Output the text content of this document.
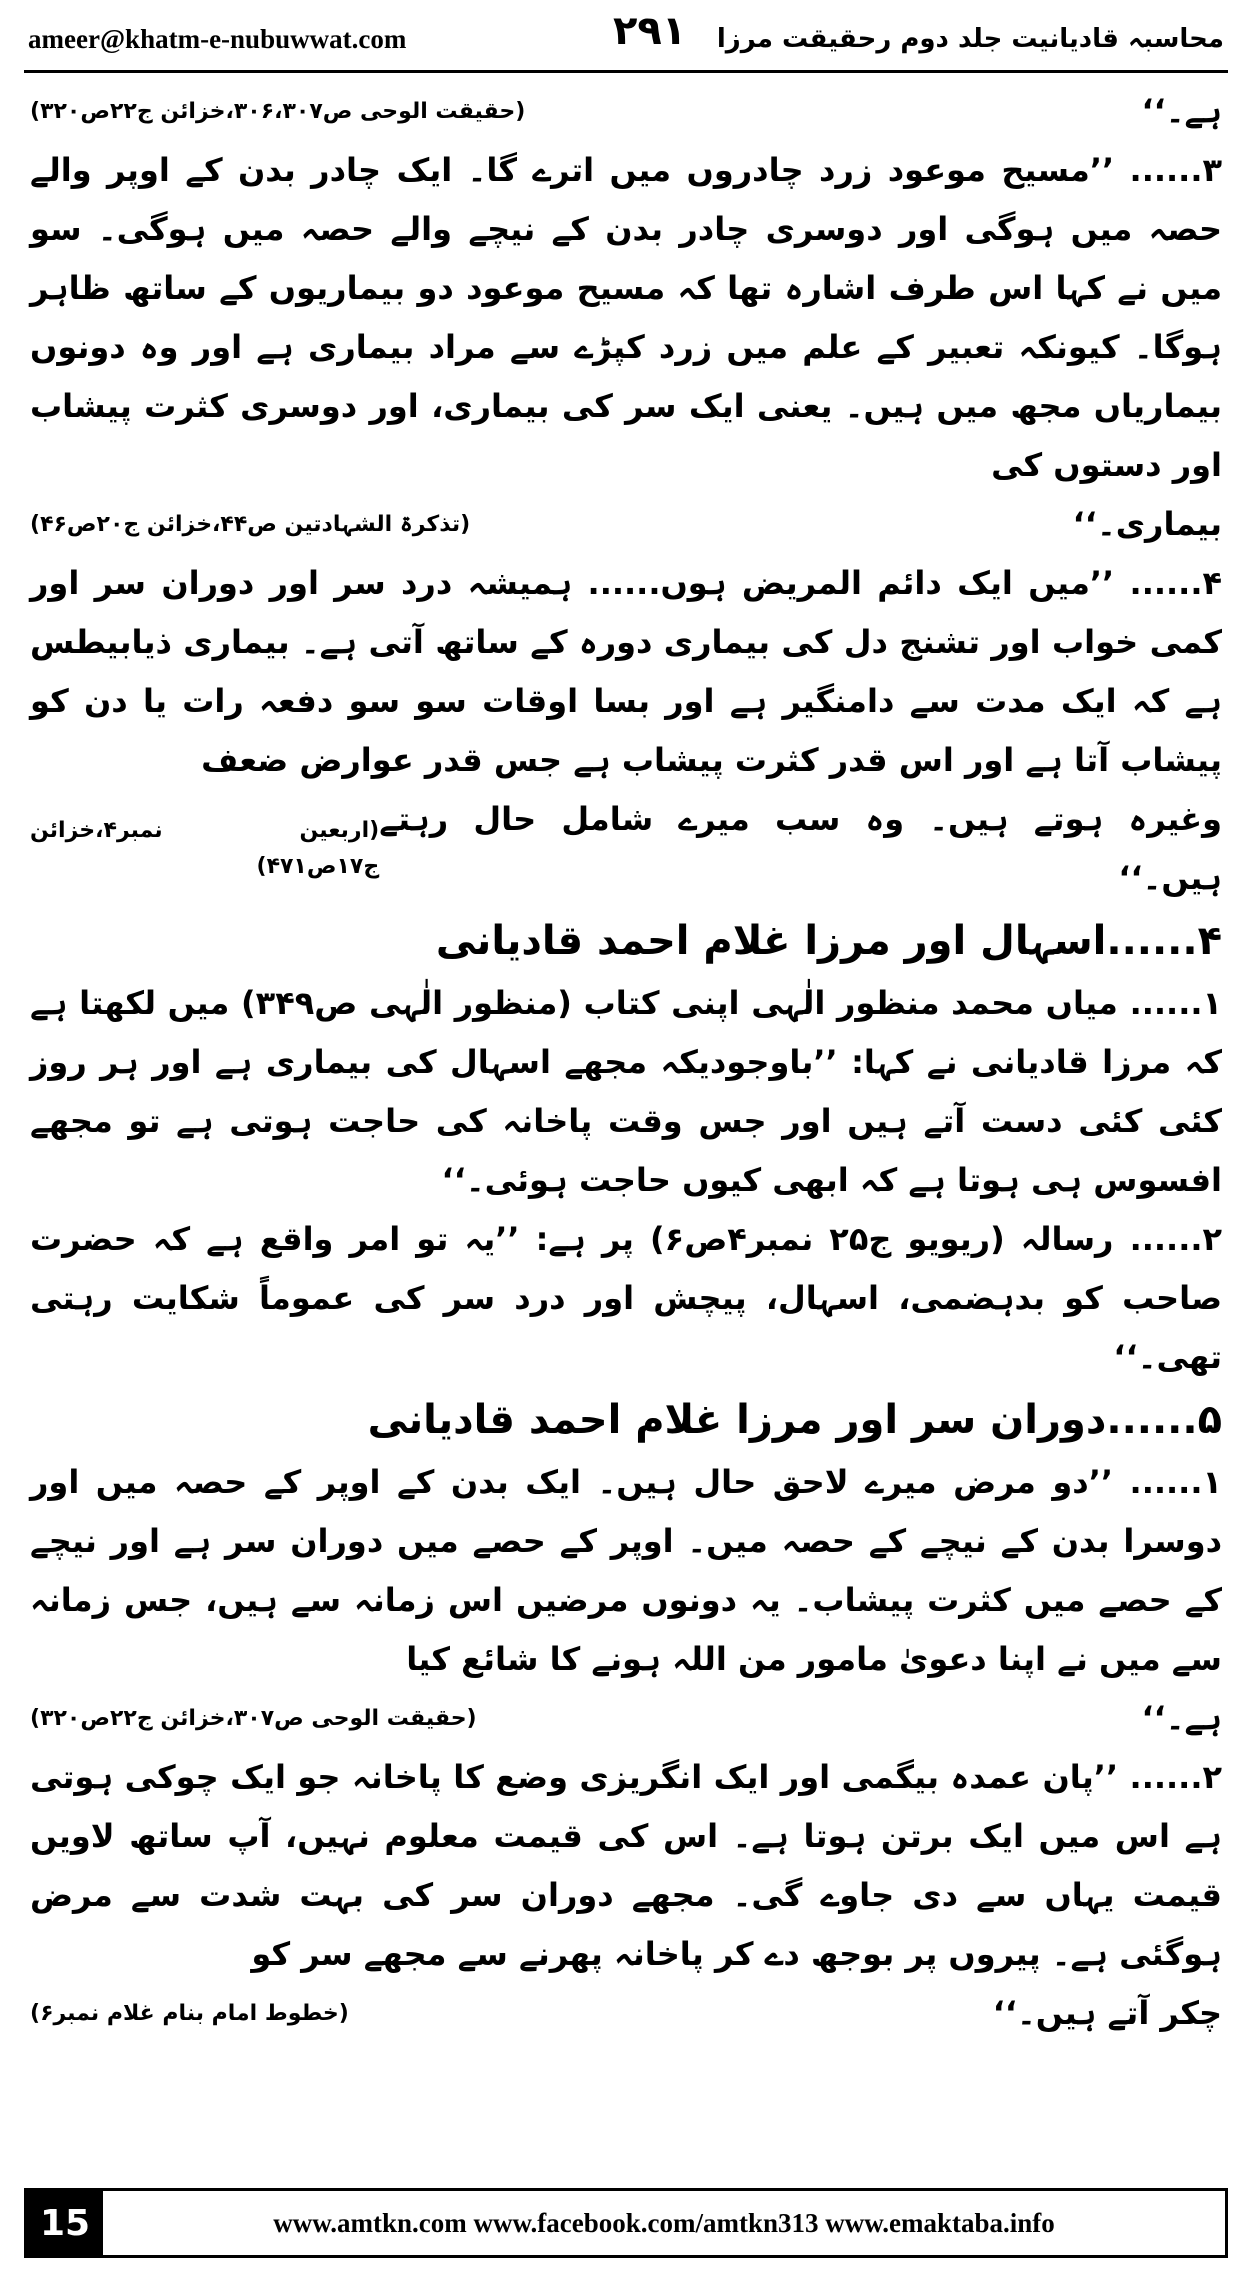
ameer@khatm-e-nubuwwat.com	۲۹۱ محاسبہ قادیانیت جلد دوم رحقیقت مرزا
ہے۔‘‘
(حقیقت الوحی ص۳۰۶،۳۰۷،خزائن ج۲۲ص۳۲۰)

۳...... ’’مسیح موعود زرد چادروں میں اترے گا۔ ایک چادر بدن کے اوپر والے حصہ میں ہوگی اور دوسری چادر بدن کے نیچے والے حصہ میں ہوگی۔ سو میں نے کہا اس طرف اشارہ تھا کہ مسیح موعود دو بیماریوں کے ساتھ ظاہر ہوگا۔ کیونکہ تعبیر کے علم میں زرد کپڑے سے مراد بیماری ہے اور وہ دونوں بیماریاں مجھ میں ہیں۔ یعنی ایک سر کی بیماری، اور دوسری کثرت پیشاب اور دستوں کی

بیماری۔‘‘
(تذکرۃ الشہادتین ص۴۴،خزائن ج۲۰ص۴۶)

۴...... ’’میں ایک دائم المریض ہوں...... ہمیشہ درد سر اور دوران سر اور کمی خواب اور تشنج دل کی بیماری دورہ کے ساتھ آتی ہے۔ بیماری ذیابیطس ہے کہ ایک مدت سے دامنگیر ہے اور بسا اوقات سو سو دفعہ رات یا دن کو پیشاب آتا ہے اور اس قدر کثرت پیشاب ہے جس قدر عوارض ضعف

وغیرہ ہوتے ہیں۔ وہ سب میرے شامل حال رہتے ہیں۔‘‘
(اربعین نمبر۴،خزائن ج۱۷ص۴۷۱)
۴......اسہال اور مرزا غلام احمد قادیانی

۱...... میاں محمد منظور الٰہی اپنی کتاب (منظور الٰہی ص۳۴۹) میں لکھتا ہے کہ مرزا قادیانی نے کہا: ’’باوجودیکہ مجھے اسہال کی بیماری ہے اور ہر روز کئی کئی دست آتے ہیں اور جس وقت پاخانہ کی حاجت ہوتی ہے تو مجھے افسوس ہی ہوتا ہے کہ ابھی کیوں حاجت ہوئی۔‘‘

۲...... رسالہ (ریویو ج۲۵ نمبر۴ص۶) پر ہے: ’’یہ تو امر واقع ہے کہ حضرت صاحب کو بدہضمی، اسہال، پیچش اور درد سر کی عموماً شکایت رہتی تھی۔‘‘

۵......دوران سر اور مرزا غلام احمد قادیانی

۱...... ’’دو مرض میرے لاحق حال ہیں۔ ایک بدن کے اوپر کے حصہ میں اور دوسرا بدن کے نیچے کے حصہ میں۔ اوپر کے حصے میں دوران سر ہے اور نیچے کے حصے میں کثرت پیشاب۔ یہ دونوں مرضیں اس زمانہ سے ہیں، جس زمانہ سے میں نے اپنا دعویٰ مامور من اللہ ہونے کا شائع کیا

ہے۔‘‘
(حقیقت الوحی ص۳۰۷،خزائن ج۲۲ص۳۲۰)

۲...... ’’پان عمدہ بیگمی اور ایک انگریزی وضع کا پاخانہ جو ایک چوکی ہوتی ہے اس میں ایک برتن ہوتا ہے۔ اس کی قیمت معلوم نہیں، آپ ساتھ لاویں قیمت یہاں سے دی جاوے گی۔ مجھے دوران سر کی بہت شدت سے مرض ہوگئی ہے۔ پیروں پر بوجھ دے کر پاخانہ پھرنے سے مجھے سر کو

چکر آتے ہیں۔‘‘
(خطوط امام بنام غلام نمبر۶)
15	www.amtkn.com www.facebook.com/amtkn313 www.emaktaba.info
